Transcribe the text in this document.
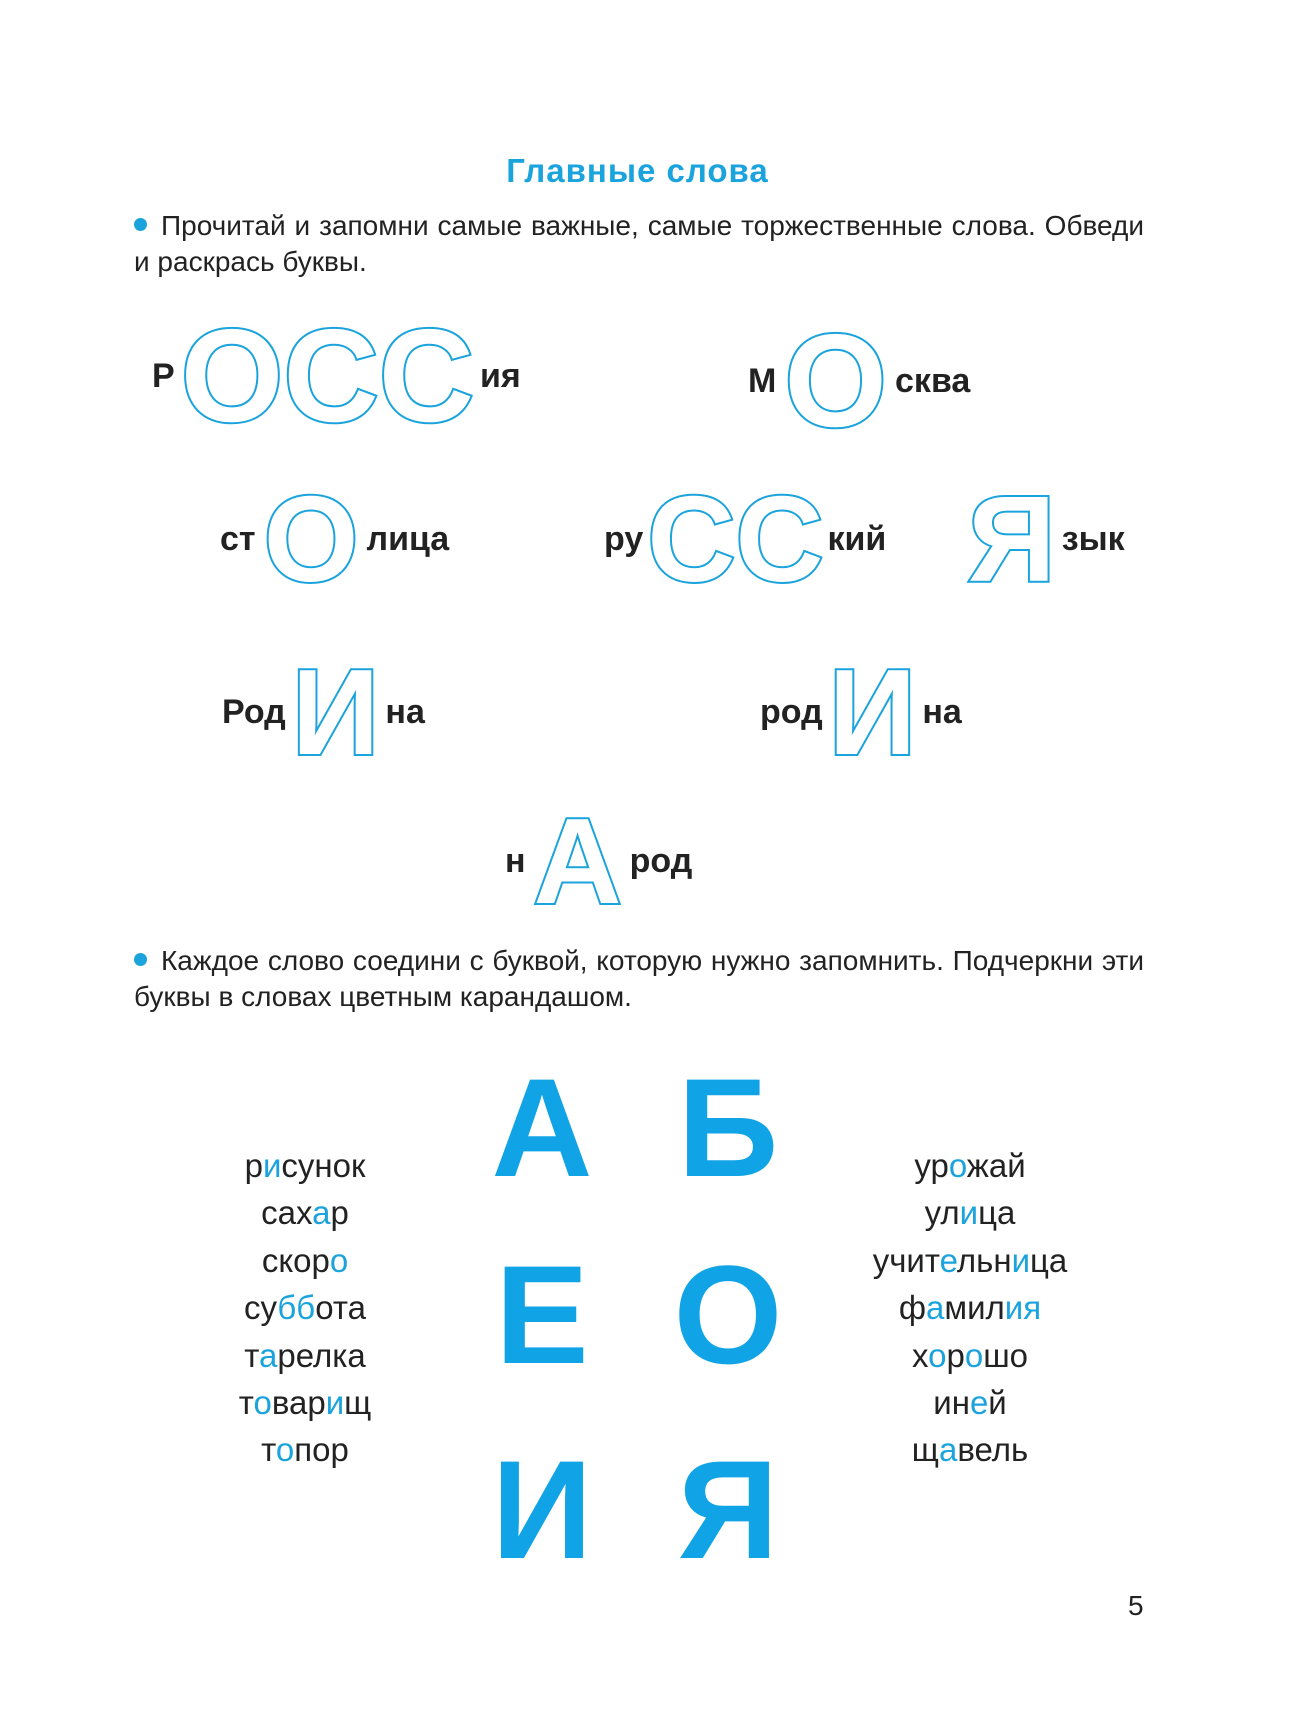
Главные слова
Прочитай и запомни самые важные, самые торжественные слова. Обведи и раскрась буквы.
Р ОСС ия	М О сква
ст О лица	ру СС кий Я зык
Род И на	род И на
н А род
Каждое слово соедини с буквой, которую нужно запомнить. Подчеркни эти буквы в словах цветным карандашом.
рисунок
сахар
скоро
суббота
тарелка
товарищ
топор
А Б
Е О
И Я
урожай
улица
учительница
фамилия
хорошо
иней
щавель
5
